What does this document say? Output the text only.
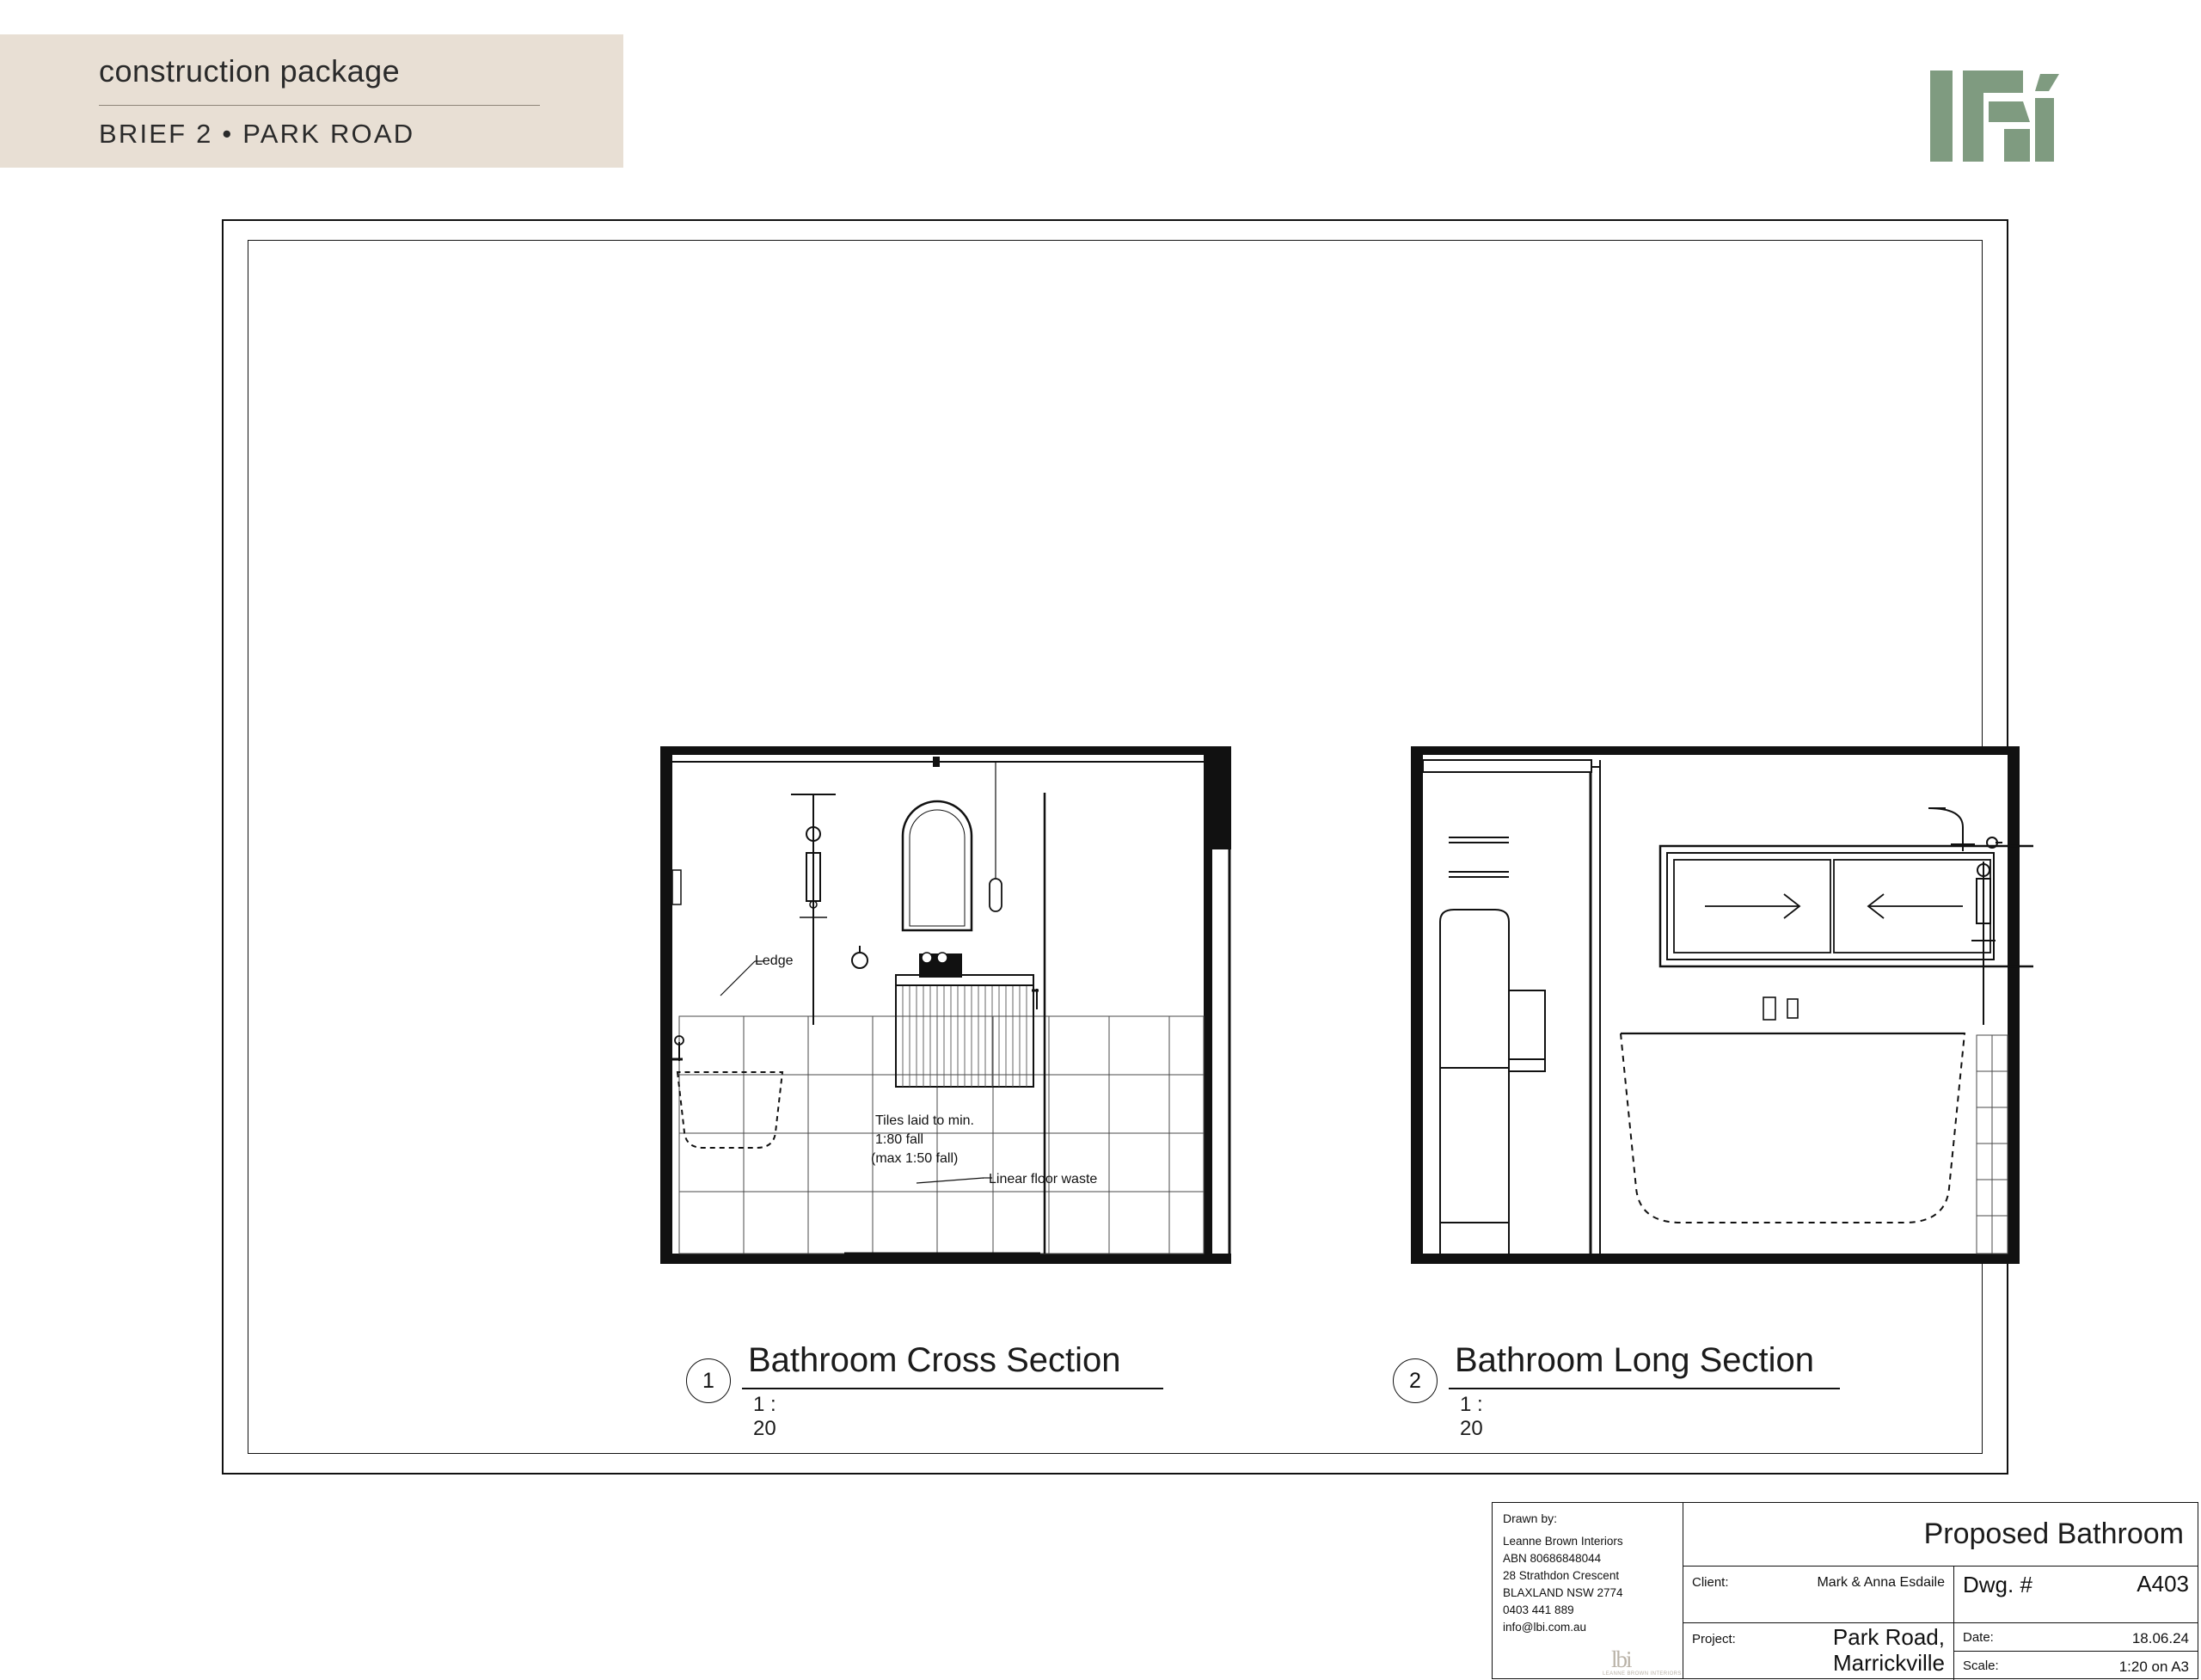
construction package
BRIEF 2 • PARK ROAD
Ledge
Tiles laid to min.
1:80 fall
(max 1:50 fall)
Linear floor waste
1
Bathroom Cross Section
1 : 20
2
Bathroom Long Section
1 : 20
Drawn by:
Leanne Brown Interiors
ABN 80686848044
28 Strathdon Crescent
BLAXLAND NSW 2774
0403 441 889
info@lbi.com.au
lbi
LEANNE BROWN INTERIORS
Proposed Bathroom
Client:	Mark & Anna Esdaile Dwg. #	A403
Project:	Park Road,
Marrickville
Date:	18.06.24
Scale:	1:20 on A3
